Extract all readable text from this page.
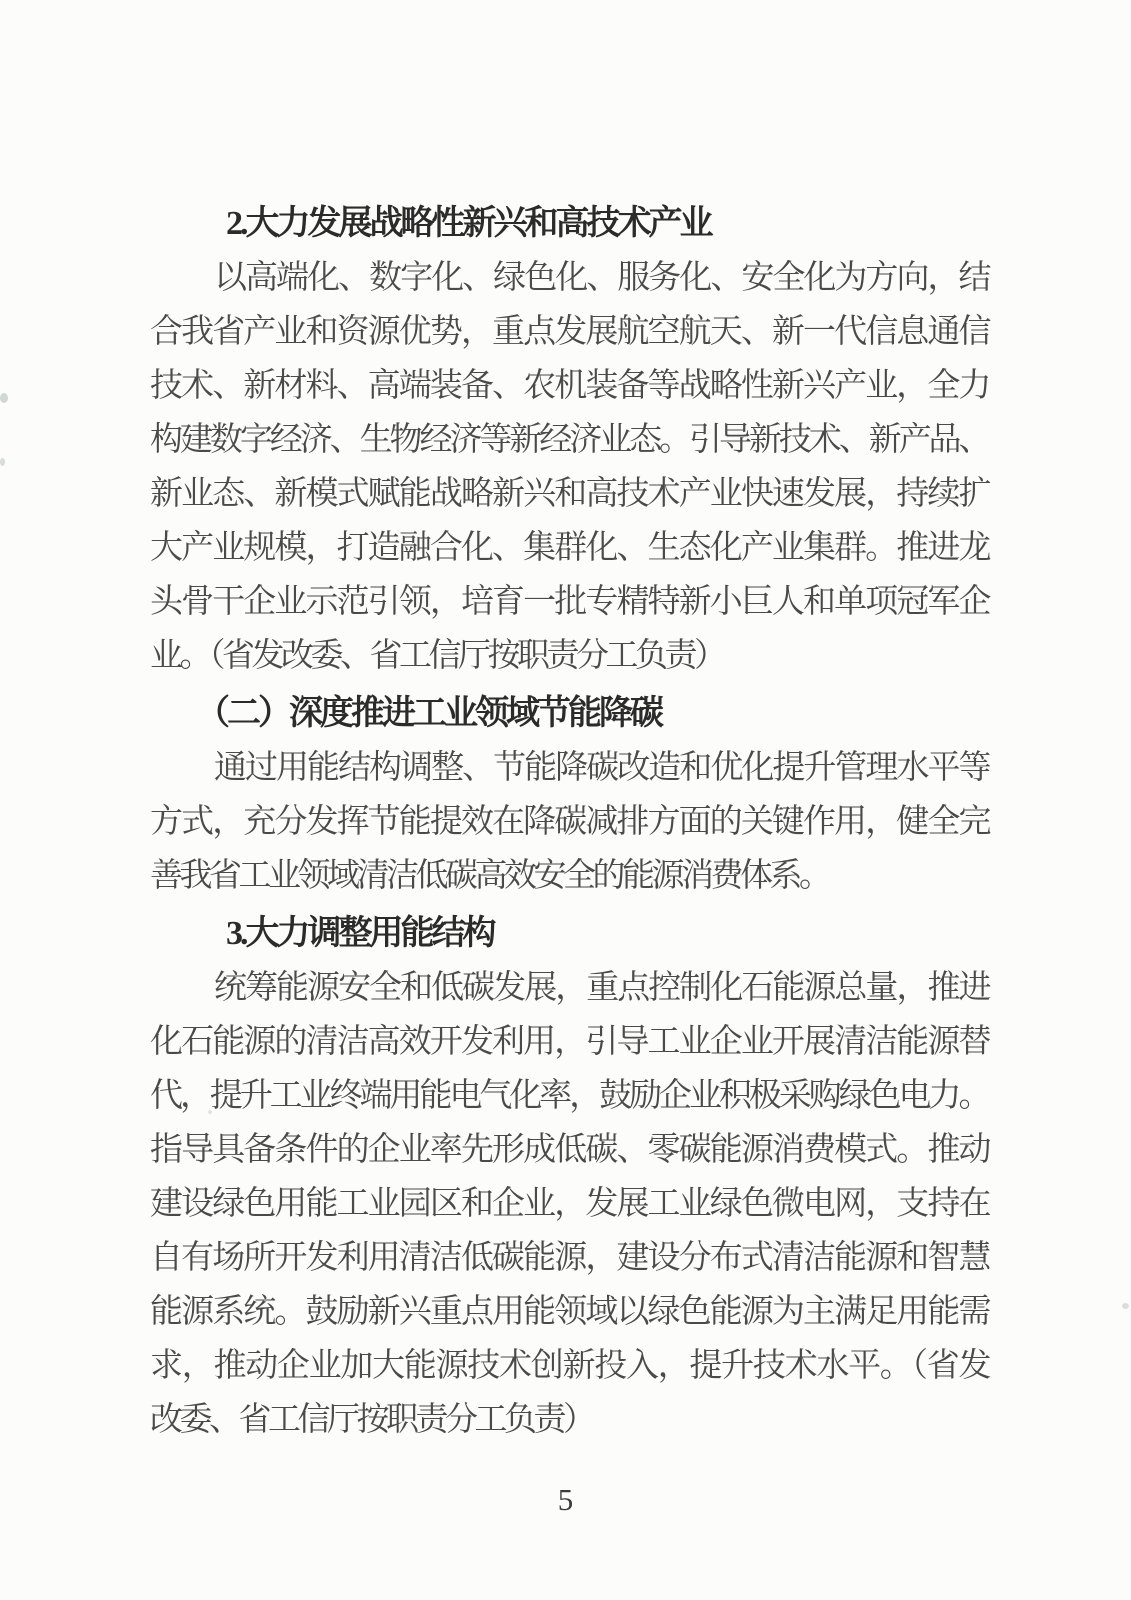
2.大力发展战略性新兴和高技术产业
以高端化、数字化、绿色化、服务化、安全化为方向，结
合我省产业和资源优势，重点发展航空航天、新一代信息通信
技术、新材料、高端装备、农机装备等战略性新兴产业，全力
构建数字经济、生物经济等新经济业态。引导新技术、新产品、
新业态、新模式赋能战略新兴和高技术产业快速发展，持续扩
大产业规模，打造融合化、集群化、生态化产业集群。推进龙
头骨干企业示范引领，培育一批专精特新小巨人和单项冠军企
业。（省发改委、省工信厅按职责分工负责）
（二）深度推进工业领域节能降碳
通过用能结构调整、节能降碳改造和优化提升管理水平等
方式，充分发挥节能提效在降碳减排方面的关键作用，健全完
善我省工业领域清洁低碳高效安全的能源消费体系。
3.大力调整用能结构
统筹能源安全和低碳发展，重点控制化石能源总量，推进
化石能源的清洁高效开发利用，引导工业企业开展清洁能源替
代，提升工业终端用能电气化率，鼓励企业积极采购绿色电力。
指导具备条件的企业率先形成低碳、零碳能源消费模式。推动
建设绿色用能工业园区和企业，发展工业绿色微电网，支持在
自有场所开发利用清洁低碳能源，建设分布式清洁能源和智慧
能源系统。鼓励新兴重点用能领域以绿色能源为主满足用能需
求，推动企业加大能源技术创新投入，提升技术水平。（省发
改委、省工信厅按职责分工负责）
5
